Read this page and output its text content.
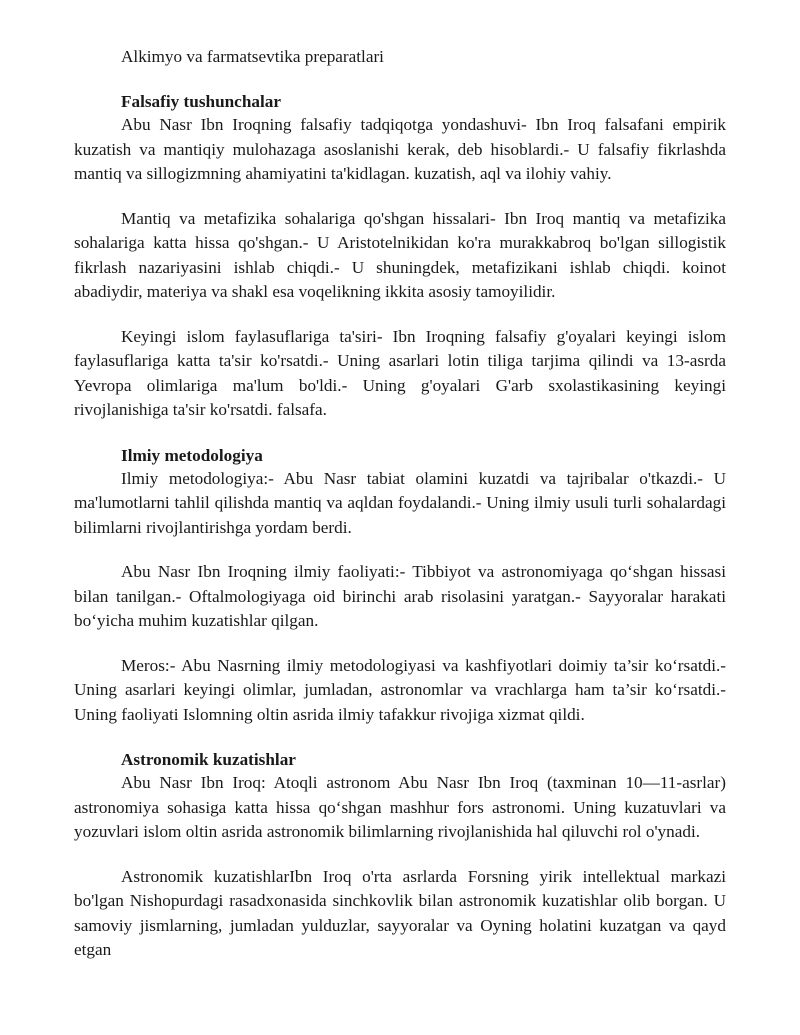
Alkimyo va farmatsevtika preparatlari
Falsafiy tushunchalar

Abu Nasr Ibn Iroqning falsafiy tadqiqotga yondashuvi- Ibn Iroq falsafani empirik kuzatish va mantiqiy mulohazaga asoslanishi kerak, deb hisoblardi.- U falsafiy fikrlashda mantiq va sillogizmning ahamiyatini ta'kidlagan. kuzatish, aql va ilohiy vahiy.

Mantiq va metafizika sohalariga qo'shgan hissalari- Ibn Iroq mantiq va metafizika sohalariga katta hissa qo'shgan.- U Aristotelnikidan ko'ra murakkabroq bo'lgan sillogistik fikrlash nazariyasini ishlab chiqdi.- U shuningdek, metafizikani ishlab chiqdi. koinot abadiydir, materiya va shakl esa voqelikning ikkita asosiy tamoyilidir.

Keyingi islom faylasuflariga ta'siri- Ibn Iroqning falsafiy g'oyalari keyingi islom faylasuflariga katta ta'sir ko'rsatdi.- Uning asarlari lotin tiliga tarjima qilindi va 13-asrda Yevropa olimlariga ma'lum bo'ldi.- Uning g'oyalari G'arb sxolastikasining keyingi rivojlanishiga ta'sir ko'rsatdi. falsafa.

Ilmiy metodologiya

Ilmiy metodologiya:- Abu Nasr tabiat olamini kuzatdi va tajribalar o'tkazdi.- U ma'lumotlarni tahlil qilishda mantiq va aqldan foydalandi.- Uning ilmiy usuli turli sohalardagi bilimlarni rivojlantirishga yordam berdi.

Abu Nasr Ibn Iroqning ilmiy faoliyati:- Tibbiyot va astronomiyaga qo‘shgan hissasi bilan tanilgan.- Oftalmologiyaga oid birinchi arab risolasini yaratgan.- Sayyoralar harakati bo‘yicha muhim kuzatishlar qilgan.

Meros:- Abu Nasrning ilmiy metodologiyasi va kashfiyotlari doimiy ta’sir ko‘rsatdi.- Uning asarlari keyingi olimlar, jumladan, astronomlar va vrachlarga ham ta’sir ko‘rsatdi.- Uning faoliyati Islomning oltin asrida ilmiy tafakkur rivojiga xizmat qildi.

Astronomik kuzatishlar

Abu Nasr Ibn Iroq: Atoqli astronom Abu Nasr Ibn Iroq (taxminan 10—11-asrlar) astronomiya sohasiga katta hissa qo‘shgan mashhur fors astronomi. Uning kuzatuvlari va yozuvlari islom oltin asrida astronomik bilimlarning rivojlanishida hal qiluvchi rol o'ynadi.

Astronomik kuzatishlarIbn Iroq o'rta asrlarda Forsning yirik intellektual markazi bo'lgan Nishopurdagi rasadxonasida sinchkovlik bilan astronomik kuzatishlar olib borgan. U samoviy jismlarning, jumladan yulduzlar, sayyoralar va Oyning holatini kuzatgan va qayd etgan
